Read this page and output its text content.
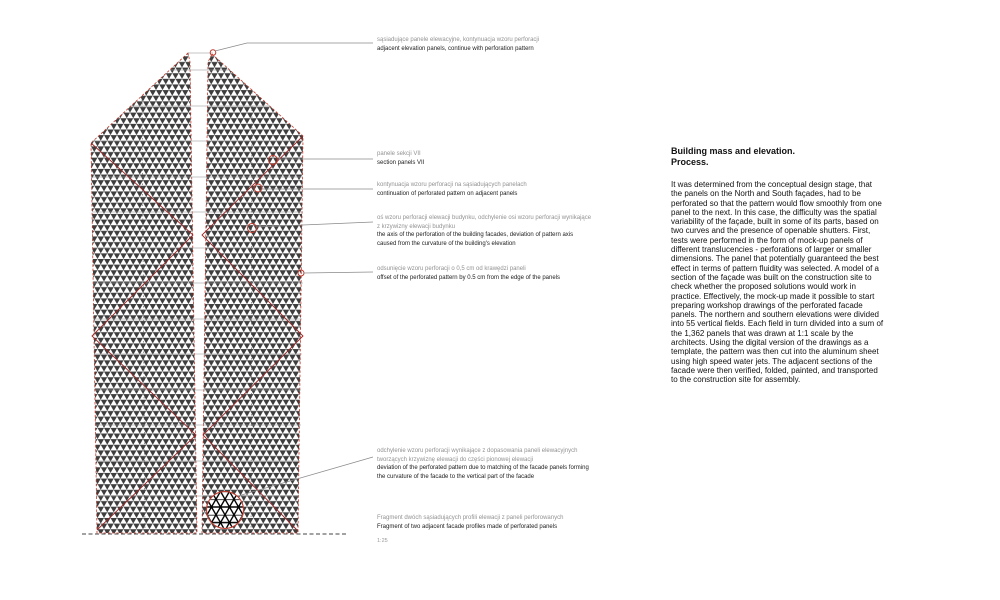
sąsiadujące panele elewacyjne, kontynuacja wzoru perforacji
adjacent elevation panels, continue with perforation pattern
panele sekcji VII
section panels VII
kontynuacja wzoru perforacji na sąsiadujących panelach
continuation of perforated pattern on adjacent panels
oś wzoru perforacji elewacji budynku, odchylenie osi wzoru perforacji wynikające z krzywizny elewacji budynku
the axis of the perforation of the building facades, deviation of pattern axis caused from the curvature of the building's elevation
odsunięcie wzoru perforacji o 0,5 cm od krawędzi paneli
offset of the perforated pattern by 0.5 cm from the edge of the panels
odchylenie wzoru perforacji wynikające z dopasowania paneli elewacyjnych tworzących krzywiznę elewacji do części pionowej elewacji
deviation of the perforated pattern due to matching of the facade panels forming the curvature of the facade to the vertical part of the facade
Fragment dwóch sąsiadujących profili elewacji z paneli perforowanych
Fragment of two adjacent facade profiles made of perforated panels
1:25
Building mass and elevation.
Process.
It was determined from the conceptual design stage, that the panels on the North and South façades, had to be perforated so that the pattern would flow smoothly from one panel to the next. In this case, the difficulty was the spatial variability of the façade, built in some of its parts, based on two curves and the presence of openable shutters. First, tests were performed in the form of mock-up panels of different translucencies - perforations of larger or smaller dimensions. The panel that potentially guaranteed the best effect in terms of pattern fluidity was selected. A model of a section of the façade was built on the construction site to check whether the proposed solutions would work in practice. Effectively, the mock-up made it possible to start preparing workshop drawings of the perforated facade panels. The northern and southern elevations were divided into 55 vertical fields. Each field in turn divided into a sum of the 1,362 panels that was drawn at 1:1 scale by the architects. Using the digital version of the drawings as a template, the pattern was then cut into the aluminum sheet using high speed water jets. The adjacent sections of the facade were then verified, folded, painted, and transported to the construction site for assembly.
